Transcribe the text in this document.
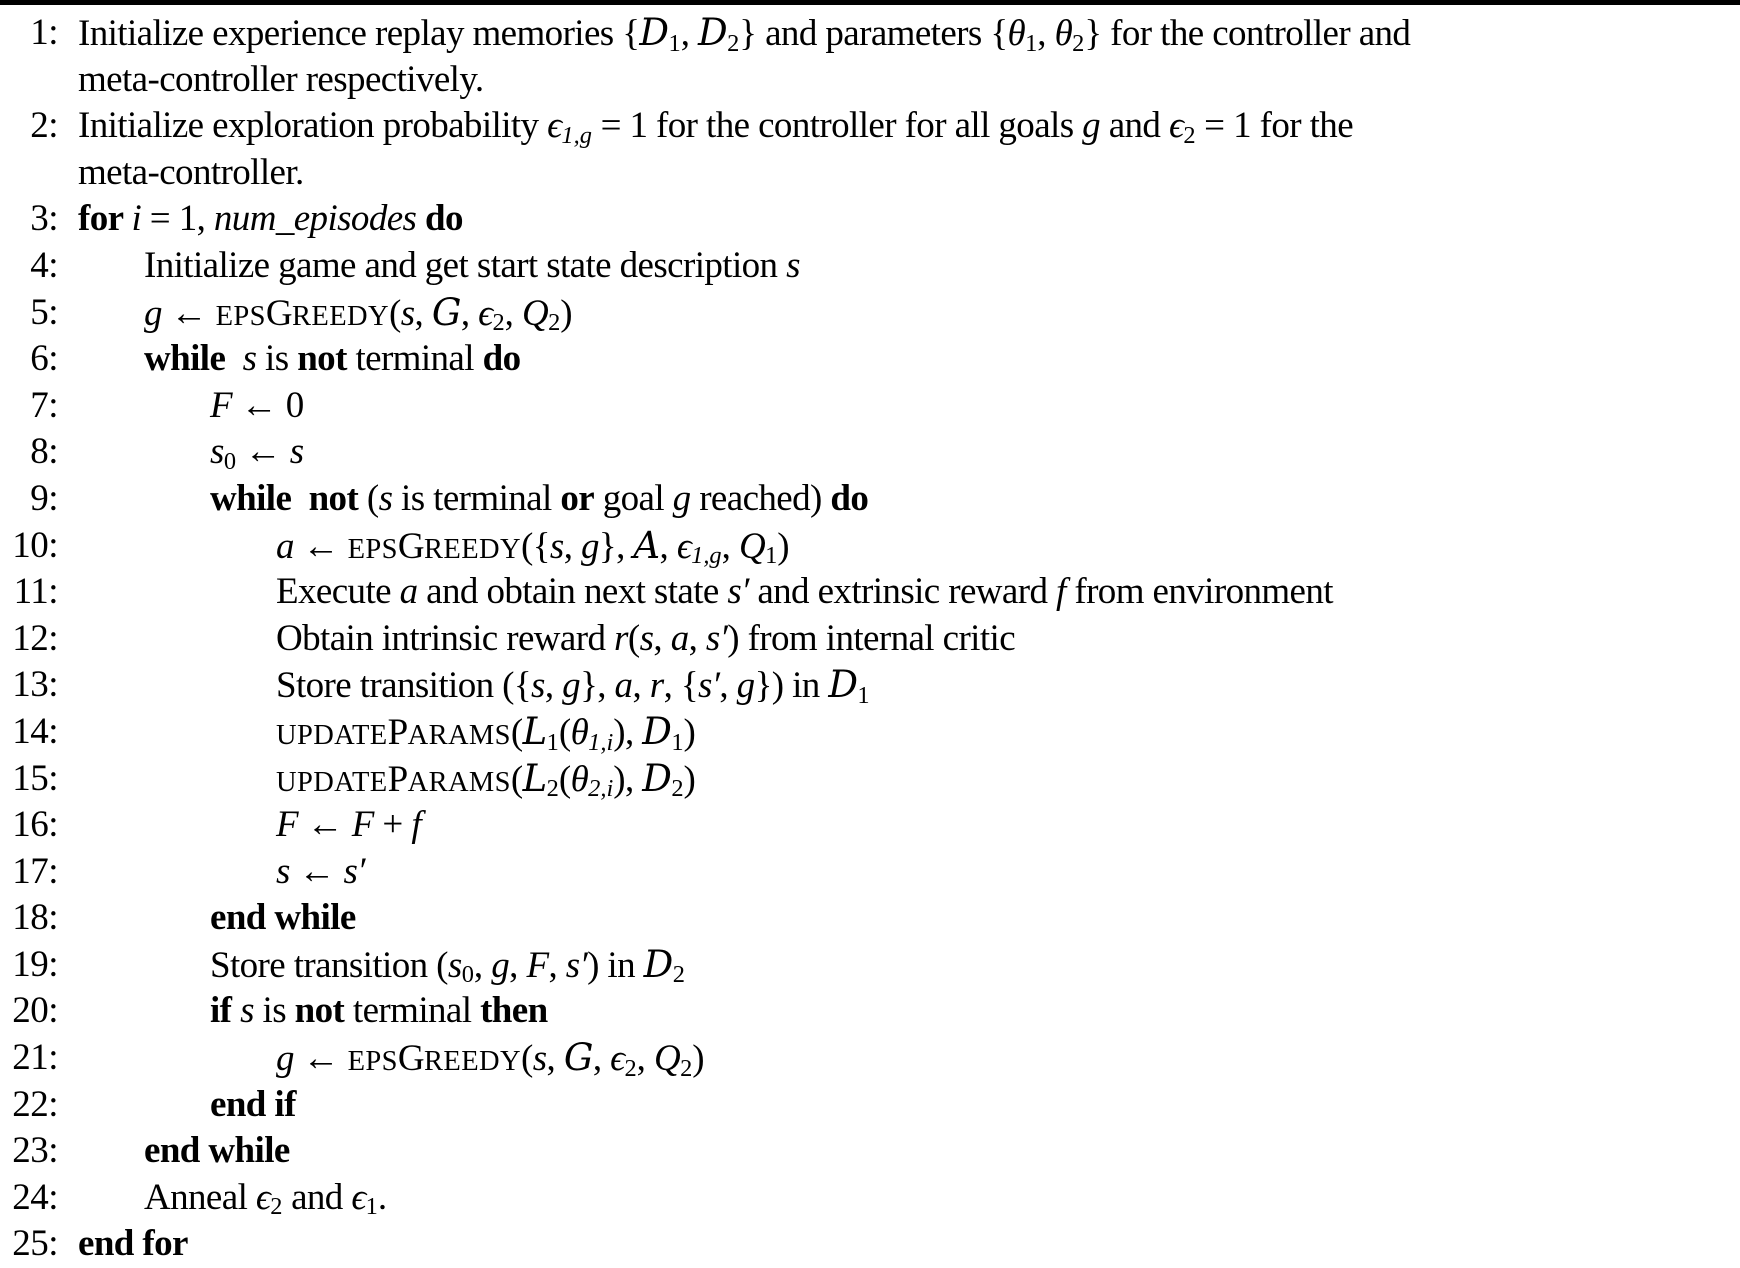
1: Initialize experience replay memories {D1, D2} and parameters {θ1, θ2} for the controller and
meta-controller respectively.
2: Initialize exploration probability ϵ1,g = 1 for the controller for all goals g and ϵ2 = 1 for the
meta-controller.
3: for i = 1, num_episodes do
4:	Initialize game and get start state description s
5:	g ← EPSGREEDY(s, G, ϵ2, Q2)
6:	while  s is not terminal do
7:	F ← 0
8:	s0 ← s
9:	while  not (s is terminal or goal g reached) do
10:	a ← EPSGREEDY({s, g}, A, ϵ1,g, Q1)
11:	Execute a and obtain next state s′ and extrinsic reward f from environment
12:	Obtain intrinsic reward r(s, a, s′) from internal critic
13:	Store transition ({s, g}, a, r, {s′, g}) in D1
14:	UPDATEPARAMS(L1(θ1,i), D1)
15:	UPDATEPARAMS(L2(θ2,i), D2)
16:	F ← F + f
17:	s ← s′
18:	end while
19:	Store transition (s0, g, F, s′) in D2
20:	if s is not terminal then
21:	g ← EPSGREEDY(s, G, ϵ2, Q2)
22:	end if
23:	end while
24:	Anneal ϵ2 and ϵ1.
25: end for
